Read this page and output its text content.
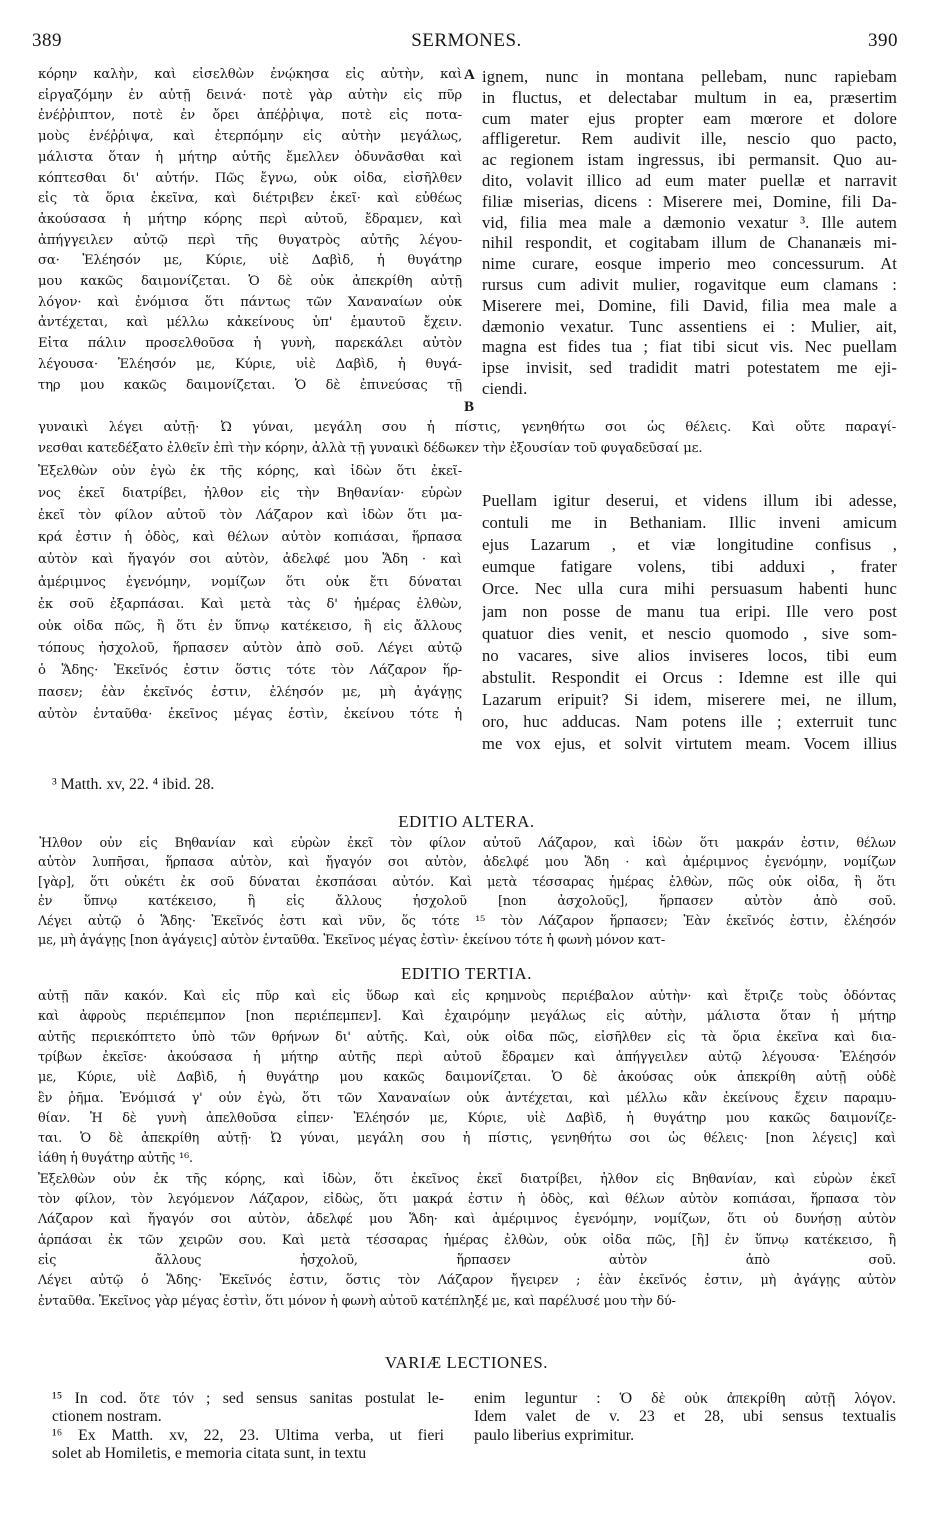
389	SERMONES.	390
κόρην καλὴν, καὶ εἰσελθὼν ἐνῴκησα εἰς αὐτὴν, καὶ
εἰργαζόμην ἐν αὐτῇ δεινά· ποτὲ γὰρ αὐτὴν εἰς πῦρ
ἐνέῤῥιπτον, ποτὲ ἐν ὄρει ἀπέῤῥιψα, ποτὲ εἰς ποτα-
μοὺς ἐνέῤῥιψα, καὶ ἐτερπόμην εἰς αὐτὴν μεγάλως,
μάλιστα ὅταν ἡ μήτηρ αὐτῆς ἔμελλεν ὀδυνᾶσθαι καὶ
κόπτεσθαι δι' αὐτήν. Πῶς ἔγνω, οὐκ οἶδα, εἰσῆλθεν
εἰς τὰ ὅρια ἐκεῖνα, καὶ διέτριβεν ἐκεῖ· καὶ εὐθέως
ἀκούσασα ἡ μήτηρ κόρης περὶ αὐτοῦ, ἔδραμεν, καὶ
ἀπήγγειλεν αὐτῷ περὶ τῆς θυγατρὸς αὐτῆς λέγου-
σα· Ἐλέησόν με, Κύριε, υἱὲ Δαβὶδ, ἡ θυγάτηρ
μου κακῶς δαιμονίζεται. Ὁ δὲ οὐκ ἀπεκρίθη αὐτῇ
λόγον· καὶ ἐνόμισα ὅτι πάντως τῶν Χαναναίων οὐκ
ἀντέχεται, καὶ μέλλω κἀκείνους ὑπ' ἐμαυτοῦ ἔχειν.
Εἶτα πάλιν προσελθοῦσα ἡ γυνὴ, παρεκάλει αὐτὸν
λέγουσα· Ἐλέησόν με, Κύριε, υἱὲ Δαβὶδ, ἡ θυγά-
τηρ μου κακῶς δαιμονίζεται. Ὁ δὲ ἐπινεύσας τῇ
A
B
ignem, nunc in montana pellebam, nunc rapiebam
in fluctus, et delectabar multum in ea, præsertim
cum mater ejus propter eam mœrore et dolore
affligeretur. Rem audivit ille, nescio quo pacto,
ac regionem istam ingressus, ibi permansit. Quo au-
dito, volavit illico ad eum mater puellæ et narravit
filiæ miserias, dicens : Miserere mei, Domine, fili Da-
vid, filia mea male a dæmonio vexatur ³. Ille autem
nihil respondit, et cogitabam illum de Chananæis mi-
nime curare, eosque imperio meo concessurum. At
rursus cum adivit mulier, rogavitque eum clamans :
Miserere mei, Domine, fili David, filia mea male a
dæmonio vexatur. Tunc assentiens ei : Mulier, ait,
magna est fides tua ; fiat tibi sicut vis. Nec puellam
ipse invisit, sed tradidit matri potestatem me eji-
ciendi.
γυναικὶ λέγει αὐτῇ· Ὦ γύναι, μεγάλη σου ἡ πίστις, γενηθήτω σοι ὡς θέλεις. Καὶ οὔτε παραγί-
νεσθαι κατεδέξατο ἐλθεῖν ἐπὶ τὴν κόρην, ἀλλὰ τῇ γυναικὶ δέδωκεν τὴν ἐξουσίαν τοῦ φυγαδεῦσαί με.
Ἐξελθὼν οὖν ἐγὼ ἐκ τῆς κόρης, καὶ ἰδὼν ὅτι ἐκεῖ-
νος ἐκεῖ διατρίβει, ἦλθον εἰς τὴν Βηθανίαν· εὑρὼν
ἐκεῖ τὸν φίλον αὐτοῦ τὸν Λάζαρον καὶ ἰδὼν ὅτι μα-
κρά ἐστιν ἡ ὁδὸς, καὶ θέλων αὐτὸν κοπιάσαι, ἥρπασα
αὐτὸν καὶ ἤγαγόν σοι αὐτὸν, ἀδελφέ μου Ἅδη · καὶ
ἀμέριμνος ἐγενόμην, νομίζων ὅτι οὐκ ἔτι δύναται
ἐκ σοῦ ἐξαρπάσαι. Καὶ μετὰ τὰς δ' ἡμέρας ἐλθὼν,
οὐκ οἶδα πῶς, ἢ ὅτι ἐν ὕπνῳ κατέκεισο, ἢ εἰς ἄλλους
τόπους ἠσχολοῦ, ἥρπασεν αὐτὸν ἀπὸ σοῦ. Λέγει αὐτῷ
ὁ Ἅδης· Ἐκεῖνός ἐστιν ὅστις τότε τὸν Λάζαρον ἥρ-
πασεν; ἐὰν ἐκεῖνός ἐστιν, ἐλέησόν με, μὴ ἀγάγῃς
αὐτὸν ἐνταῦθα· ἐκεῖνος μέγας ἐστὶν, ἐκείνου τότε ἡ
Puellam igitur deserui, et videns illum ibi adesse,
contuli me in Bethaniam. Illic inveni amicum
ejus Lazarum , et viæ longitudine confisus ,
eumque fatigare volens, tibi adduxi , frater
Orce. Nec ulla cura mihi persuasum habenti hunc
jam non posse de manu tua eripi. Ille vero post
quatuor dies venit, et nescio quomodo , sive som-
no vacares, sive alios inviseres locos, tibi eum
abstulit. Respondit ei Orcus : Idemne est ille qui
Lazarum eripuit? Si idem, miserere mei, ne illum,
oro, huc adducas. Nam potens ille ; exterruit tunc
me vox ejus, et solvit virtutem meam. Vocem illius
³ Matth. xv, 22. ⁴ ibid. 28.
EDITIO ALTERA.
Ἦλθον οὖν εἰς Βηθανίαν καὶ εὑρὼν ἐκεῖ τὸν φίλον αὐτοῦ Λάζαρον, καὶ ἰδὼν ὅτι μακράν ἐστιν, θέλων
αὐτὸν λυπῆσαι, ἥρπασα αὐτὸν, καὶ ἤγαγόν σοι αὐτὸν, ἀδελφέ μου Ἅδη · καὶ ἀμέριμνος ἐγενόμην, νομίζων
[γὰρ], ὅτι οὐκέτι ἐκ σοῦ δύναται ἐκσπάσαι αὐτόν. Καὶ μετὰ τέσσαρας ἡμέρας ἐλθὼν, πῶς οὐκ οἶδα, ἢ ὅτι
ἐν ὕπνῳ κατέκεισο, ἢ εἰς ἄλλους ἠσχολοῦ [non ἀσχολοῦς], ἥρπασεν αὐτὸν ἀπὸ σοῦ.
Λέγει αὐτῷ ὁ Ἅδης· Ἐκεῖνός ἐστι καὶ νῦν, ὅς τότε ¹⁵ τὸν Λάζαρον ἥρπασεν; Ἐὰν ἐκεῖνός ἐστιν, ἐλέησόν
με, μὴ ἀγάγῃς [non ἀγάγεις] αὐτὸν ἐνταῦθα. Ἐκεῖνος μέγας ἐστὶν· ἐκείνου τότε ἡ φωνὴ μόνον κατ-
EDITIO TERTIA.
αὐτῇ πᾶν κακόν. Καὶ εἰς πῦρ καὶ εἰς ὕδωρ καὶ εἰς κρημνοὺς περιέβαλον αὐτὴν· καὶ ἔτριζε τοὺς ὀδόντας
καὶ ἀφροὺς περιέπεμπον [non περιέπεμπεν]. Καὶ ἐχαιρόμην μεγάλως εἰς αὐτὴν, μάλιστα ὅταν ἡ μήτηρ
αὐτῆς περιεκόπτετο ὑπὸ τῶν θρήνων δι' αὐτῆς. Καὶ, οὐκ οἶδα πῶς, εἰσῆλθεν εἰς τὰ ὅρια ἐκεῖνα καὶ δια-
τρίβων ἐκεῖσε· ἀκούσασα ἡ μήτηρ αὐτῆς περὶ αὐτοῦ ἔδραμεν καὶ ἀπήγγειλεν αὐτῷ λέγουσα· Ἐλέησόν
με, Κύριε, υἱὲ Δαβὶδ, ἡ θυγάτηρ μου κακῶς δαιμονίζεται. Ὁ δὲ ἀκούσας οὐκ ἀπεκρίθη αὐτῇ οὐδὲ
ἓν ῥῆμα. Ἐνόμισά γ' οὖν ἐγὼ, ὅτι τῶν Χαναναίων οὐκ ἀντέχεται, καὶ μέλλω κἂν ἐκείνους ἔχειν παραμυ-
θίαν. Ἡ δὲ γυνὴ ἀπελθοῦσα εἶπεν· Ἐλέησόν με, Κύριε, υἱὲ Δαβὶδ, ἡ θυγάτηρ μου κακῶς δαιμονίζε-
ται. Ὁ δὲ ἀπεκρίθη αὐτῇ· Ὦ γύναι, μεγάλη σου ἡ πίστις, γενηθήτω σοι ὡς θέλεις· [non λέγεις] καὶ
ἰάθη ἡ θυγάτηρ αὐτῆς ¹⁶.
Ἐξελθὼν οὖν ἐκ τῆς κόρης, καὶ ἰδὼν, ὅτι ἐκεῖνος ἐκεῖ διατρίβει, ἦλθον εἰς Βηθανίαν, καὶ εὑρὼν ἐκεῖ
τὸν φίλον, τὸν λεγόμενον Λάζαρον, εἰδὼς, ὅτι μακρά ἐστιν ἡ ὁδὸς, καὶ θέλων αὐτὸν κοπιάσαι, ἥρπασα τὸν
Λάζαρον καὶ ἤγαγόν σοι αὐτὸν, ἀδελφέ μου Ἅδη· καὶ ἀμέριμνος ἐγενόμην, νομίζων, ὅτι οὐ δυνήσῃ αὐτὸν
ἁρπάσαι ἐκ τῶν χειρῶν σου. Καὶ μετὰ τέσσαρας ἡμέρας ἐλθὼν, οὐκ οἶδα πῶς, [ἢ] ἐν ὕπνῳ κατέκεισο, ἢ
εἰς ἄλλους ἠσχολοῦ, ἥρπασεν αὐτὸν ἀπὸ σοῦ.
Λέγει αὐτῷ ὁ Ἅδης· Ἐκεῖνός ἐστιν, ὅστις τὸν Λάζαρον ἤγειρεν ; ἐὰν ἐκεῖνός ἐστιν, μὴ ἀγάγῃς αὐτὸν
ἐνταῦθα. Ἐκεῖνος γὰρ μέγας ἐστὶν, ὅτι μόνον ἡ φωνὴ αὐτοῦ κατέπληξέ με, καὶ παρέλυσέ μου τὴν δύ-
VARIÆ LECTIONES.
¹⁵ In cod. ὅτε τόν ; sed sensus sanitas postulat le-
ctionem nostram.
¹⁶ Ex Matth. xv, 22, 23. Ultima verba, ut fieri
solet ab Homiletis, e memoria citata sunt, in textu
enim leguntur : Ὁ δὲ οὐκ ἀπεκρίθη αὐτῇ λόγον.
Idem valet de v. 23 et 28, ubi sensus textualis
paulo liberius exprimitur.
